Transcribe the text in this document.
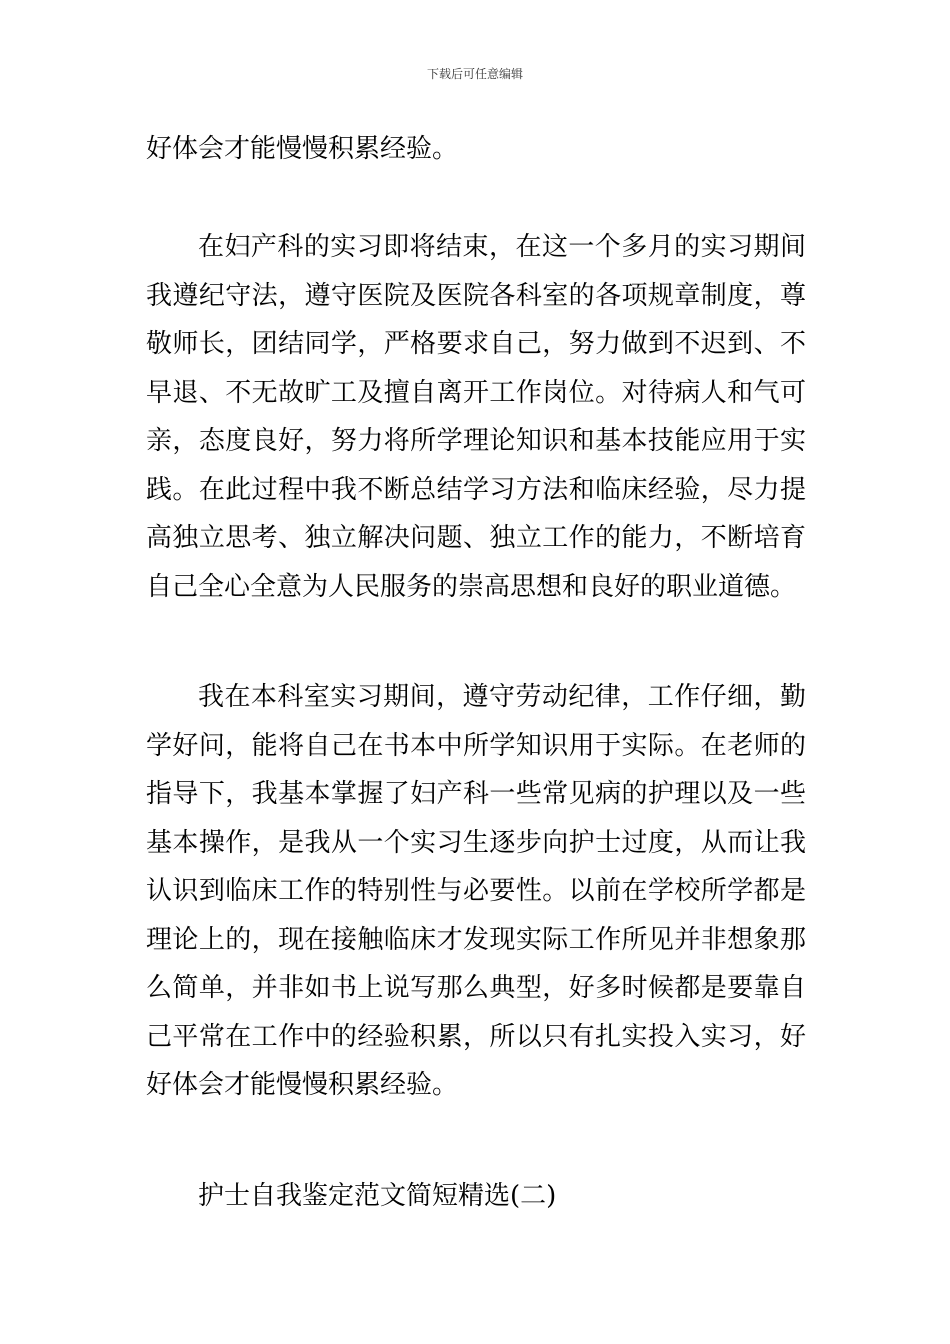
下载后可任意编辑
好体会才能慢慢积累经验。
在妇产科的实习即将结束，在这一个多月的实习期间
我遵纪守法，遵守医院及医院各科室的各项规章制度，尊
敬师长，团结同学，严格要求自己，努力做到不迟到、不
早退、不无故旷工及擅自离开工作岗位。对待病人和气可
亲，态度良好，努力将所学理论知识和基本技能应用于实
践。在此过程中我不断总结学习方法和临床经验，尽力提
高独立思考、独立解决问题、独立工作的能力，不断培育
自己全心全意为人民服务的崇高思想和良好的职业道德。
我在本科室实习期间，遵守劳动纪律，工作仔细，勤
学好问，能将自己在书本中所学知识用于实际。在老师的
指导下，我基本掌握了妇产科一些常见病的护理以及一些
基本操作，是我从一个实习生逐步向护士过度，从而让我
认识到临床工作的特别性与必要性。以前在学校所学都是
理论上的，现在接触临床才发现实际工作所见并非想象那
么简单，并非如书上说写那么典型，好多时候都是要靠自
己平常在工作中的经验积累，所以只有扎实投入实习，好
好体会才能慢慢积累经验。
护士自我鉴定范文简短精选(二)
